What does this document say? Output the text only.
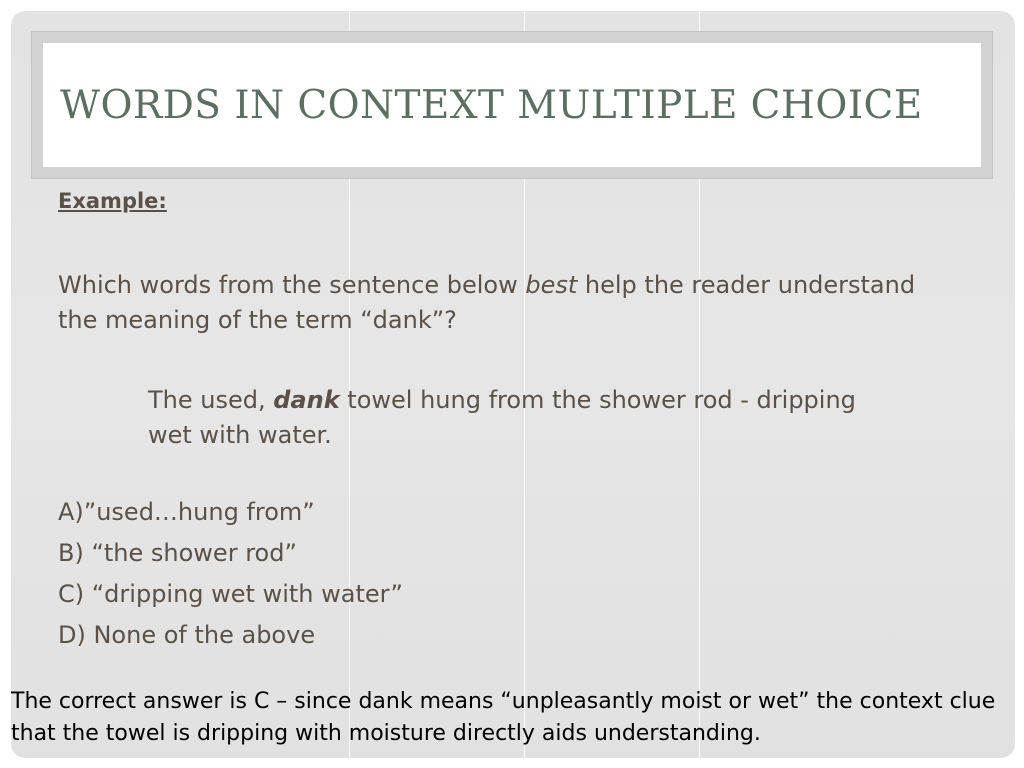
WORDS IN CONTEXT MULTIPLE CHOICE
Example:
Which words from the sentence below best help the reader understand the meaning of the term “dank”?
The used, dank towel hung from the shower rod - dripping wet with water.
A)”used…hung from”
B) “the shower rod”
C) “dripping wet with water”
D) None of the above
The correct answer is C – since dank means “unpleasantly moist or wet” the context clue that the towel is dripping with moisture directly aids understanding.
